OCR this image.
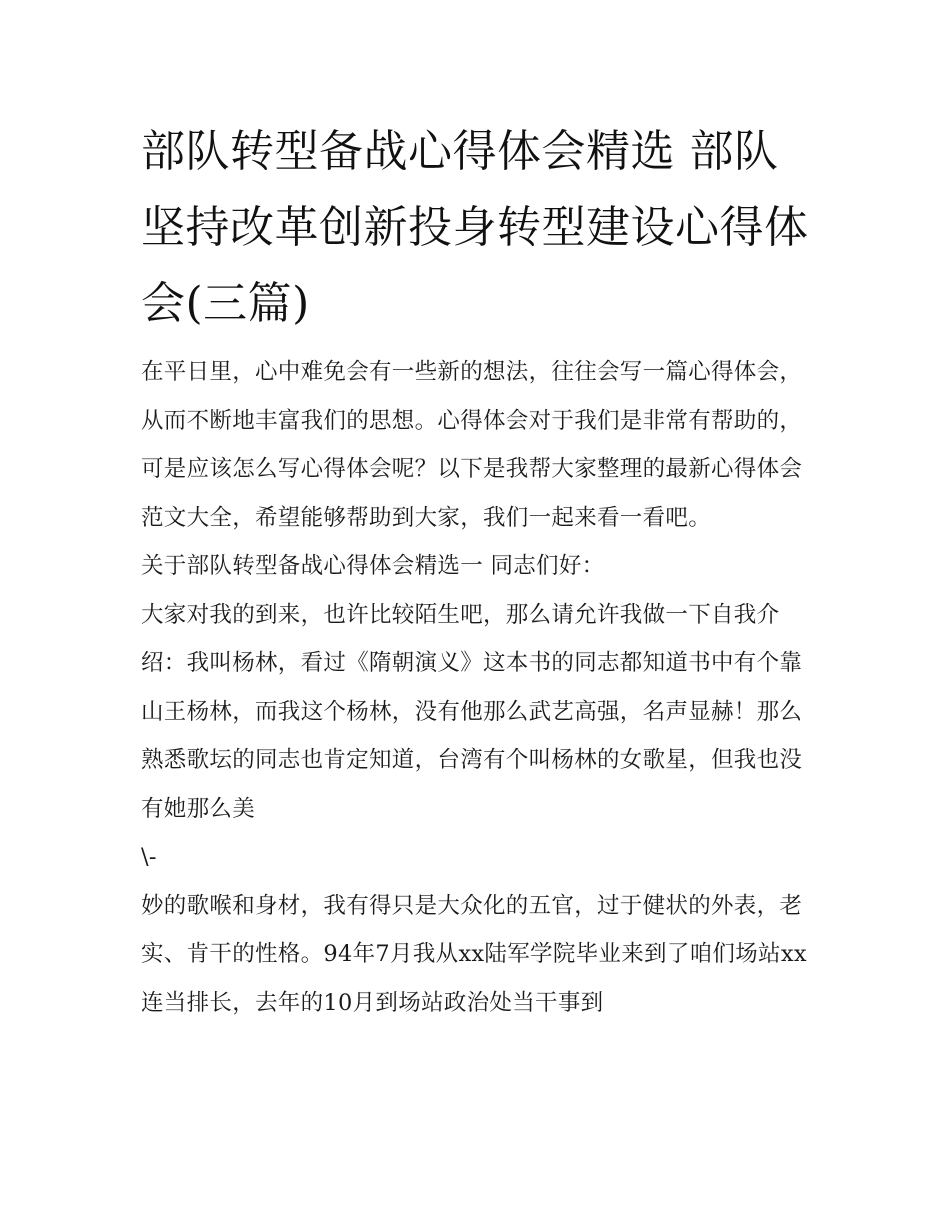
部队转型备战心得体会精选 部队坚持改革创新投身转型建设心得体会(三篇)

在平日里，心中难免会有一些新的想法，往往会写一篇心得体会，从而不断地丰富我们的思想。心得体会对于我们是非常有帮助的，可是应该怎么写心得体会呢？以下是我帮大家整理的最新心得体会范文大全，希望能够帮助到大家，我们一起来看一看吧。

关于部队转型备战心得体会精选一 同志们好：

大家对我的到来，也许比较陌生吧，那么请允许我做一下自我介绍：我叫杨林，看过《隋朝演义》这本书的同志都知道书中有个靠山王杨林，而我这个杨林，没有他那么武艺高强，名声显赫！那么熟悉歌坛的同志也肯定知道，台湾有个叫杨林的女歌星，但我也没有她那么美

\-

妙的歌喉和身材，我有得只是大众化的五官，过于健状的外表，老实、肯干的性格。94年7月我从xx陆军学院毕业来到了咱们场站xx连当排长，去年的10月到场站政治处当干事到
